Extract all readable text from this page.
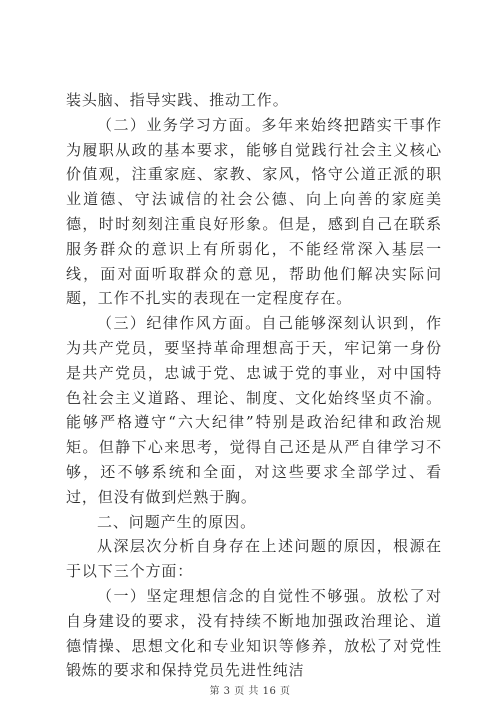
装头脑、指导实践、推动工作。

（二）业务学习方面。多年来始终把踏实干事作为履职从政的基本要求，能够自觉践行社会主义核心价值观，注重家庭、家教、家风，恪守公道正派的职业道德、守法诚信的社会公德、向上向善的家庭美德，时时刻刻注重良好形象。但是，感到自己在联系服务群众的意识上有所弱化，不能经常深入基层一线，面对面听取群众的意见，帮助他们解决实际问题，工作不扎实的表现在一定程度存在。

（三）纪律作风方面。自己能够深刻认识到，作为共产党员，要坚持革命理想高于天，牢记第一身份是共产党员，忠诚于党、忠诚于党的事业，对中国特色社会主义道路、理论、制度、文化始终坚贞不渝。能够严格遵守“六大纪律”特别是政治纪律和政治规矩。但静下心来思考，觉得自己还是从严自律学习不够，还不够系统和全面，对这些要求全部学过、看过，但没有做到烂熟于胸。

二、问题产生的原因。

从深层次分析自身存在上述问题的原因，根源在于以下三个方面：

（一）坚定理想信念的自觉性不够强。放松了对自身建设的要求，没有持续不断地加强政治理论、道德情操、思想文化和专业知识等修养，放松了对党性锻炼的要求和保持党员先进性纯洁

第 3 页 共 16 页
